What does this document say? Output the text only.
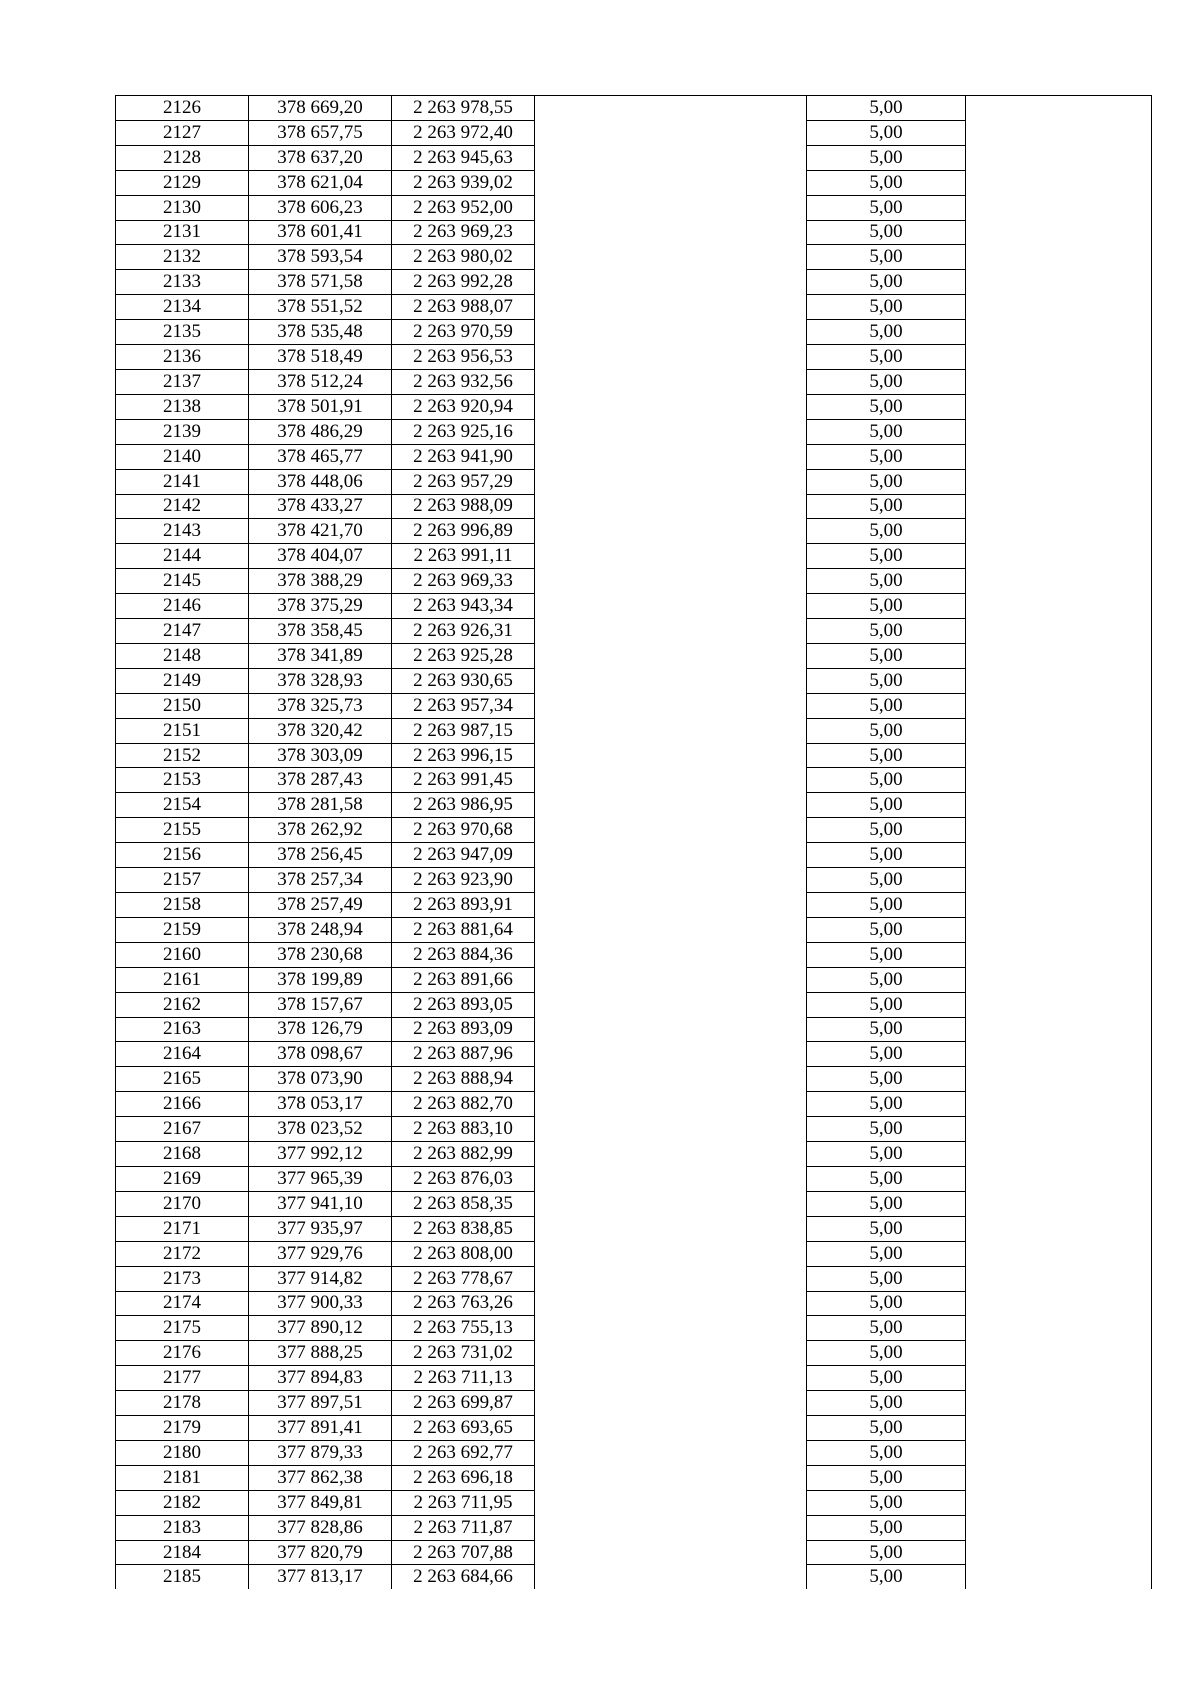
2126	378 669,20	2 263 978,55		5,00	
2127	378 657,75	2 263 972,40		5,00	
2128	378 637,20	2 263 945,63		5,00	
2129	378 621,04	2 263 939,02		5,00	
2130	378 606,23	2 263 952,00		5,00	
2131	378 601,41	2 263 969,23		5,00	
2132	378 593,54	2 263 980,02		5,00	
2133	378 571,58	2 263 992,28		5,00	
2134	378 551,52	2 263 988,07		5,00	
2135	378 535,48	2 263 970,59		5,00	
2136	378 518,49	2 263 956,53		5,00	
2137	378 512,24	2 263 932,56		5,00	
2138	378 501,91	2 263 920,94		5,00	
2139	378 486,29	2 263 925,16		5,00	
2140	378 465,77	2 263 941,90		5,00	
2141	378 448,06	2 263 957,29		5,00	
2142	378 433,27	2 263 988,09		5,00	
2143	378 421,70	2 263 996,89		5,00	
2144	378 404,07	2 263 991,11		5,00	
2145	378 388,29	2 263 969,33		5,00	
2146	378 375,29	2 263 943,34		5,00	
2147	378 358,45	2 263 926,31		5,00	
2148	378 341,89	2 263 925,28		5,00	
2149	378 328,93	2 263 930,65		5,00	
2150	378 325,73	2 263 957,34		5,00	
2151	378 320,42	2 263 987,15		5,00	
2152	378 303,09	2 263 996,15		5,00	
2153	378 287,43	2 263 991,45		5,00	
2154	378 281,58	2 263 986,95		5,00	
2155	378 262,92	2 263 970,68		5,00	
2156	378 256,45	2 263 947,09		5,00	
2157	378 257,34	2 263 923,90		5,00	
2158	378 257,49	2 263 893,91		5,00	
2159	378 248,94	2 263 881,64		5,00	
2160	378 230,68	2 263 884,36		5,00	
2161	378 199,89	2 263 891,66		5,00	
2162	378 157,67	2 263 893,05		5,00	
2163	378 126,79	2 263 893,09		5,00	
2164	378 098,67	2 263 887,96		5,00	
2165	378 073,90	2 263 888,94		5,00	
2166	378 053,17	2 263 882,70		5,00	
2167	378 023,52	2 263 883,10		5,00	
2168	377 992,12	2 263 882,99		5,00	
2169	377 965,39	2 263 876,03		5,00	
2170	377 941,10	2 263 858,35		5,00	
2171	377 935,97	2 263 838,85		5,00	
2172	377 929,76	2 263 808,00		5,00	
2173	377 914,82	2 263 778,67		5,00	
2174	377 900,33	2 263 763,26		5,00	
2175	377 890,12	2 263 755,13		5,00	
2176	377 888,25	2 263 731,02		5,00	
2177	377 894,83	2 263 711,13		5,00	
2178	377 897,51	2 263 699,87		5,00	
2179	377 891,41	2 263 693,65		5,00	
2180	377 879,33	2 263 692,77		5,00	
2181	377 862,38	2 263 696,18		5,00	
2182	377 849,81	2 263 711,95		5,00	
2183	377 828,86	2 263 711,87		5,00	
2184	377 820,79	2 263 707,88		5,00	
2185	377 813,17	2 263 684,66		5,00	
